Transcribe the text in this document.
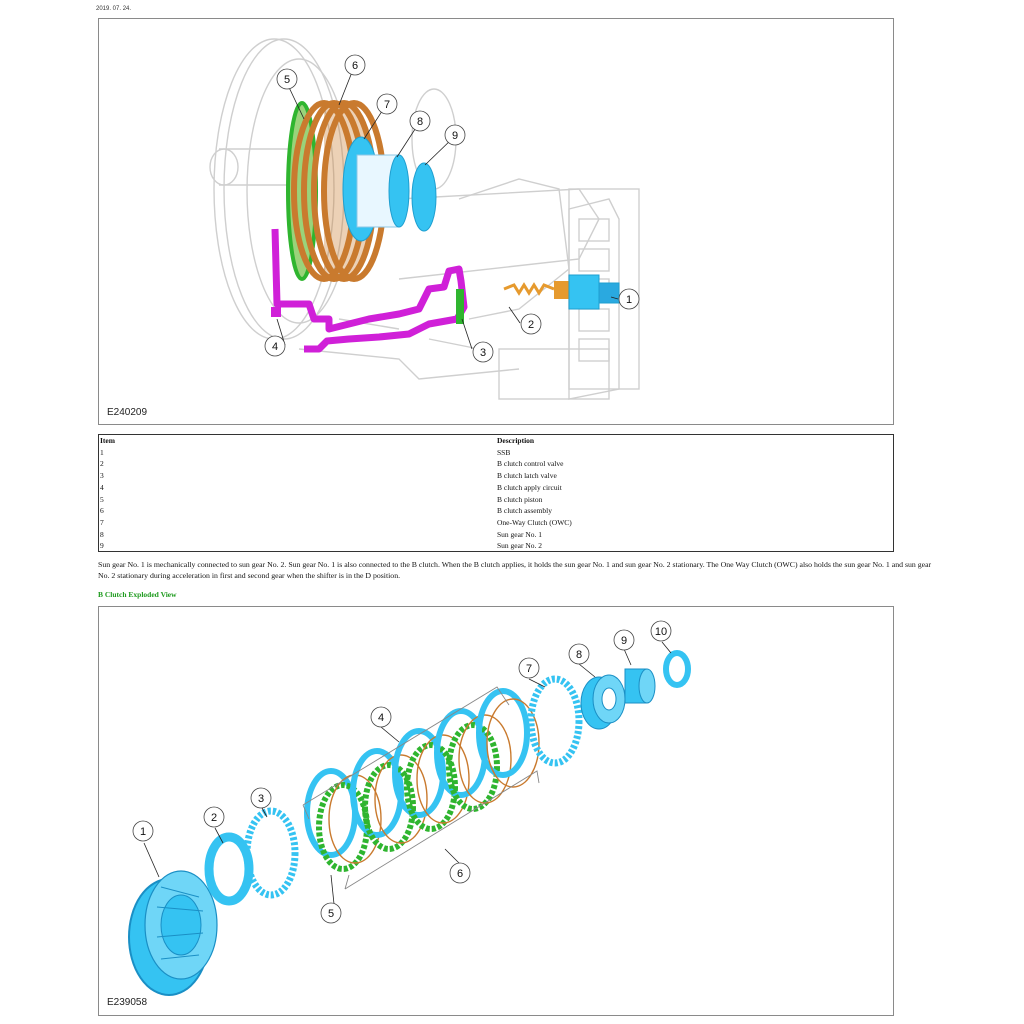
2019. 07. 24.
1
2
3
4
5
6
7
8
9
E240209
Item	Description
1	SSB
2	B clutch control valve
3	B clutch latch valve
4	B clutch apply circuit
5	B clutch piston
6	B clutch assembly
7	One-Way Clutch (OWC)
8	Sun gear No. 1
9	Sun gear No. 2
Sun gear No. 1 is mechanically connected to sun gear No. 2. Sun gear No. 1 is also connected to the B clutch. When the B clutch applies, it holds the sun gear No. 1 and sun gear No. 2 stationary. The One Way Clutch (OWC) also holds the sun gear No. 1 and sun gear No. 2 stationary during acceleration in first and second gear when the shifter is in the D position.
B Clutch Exploded View
1
2
3
4
5
6
7
8
9
10
E239058
